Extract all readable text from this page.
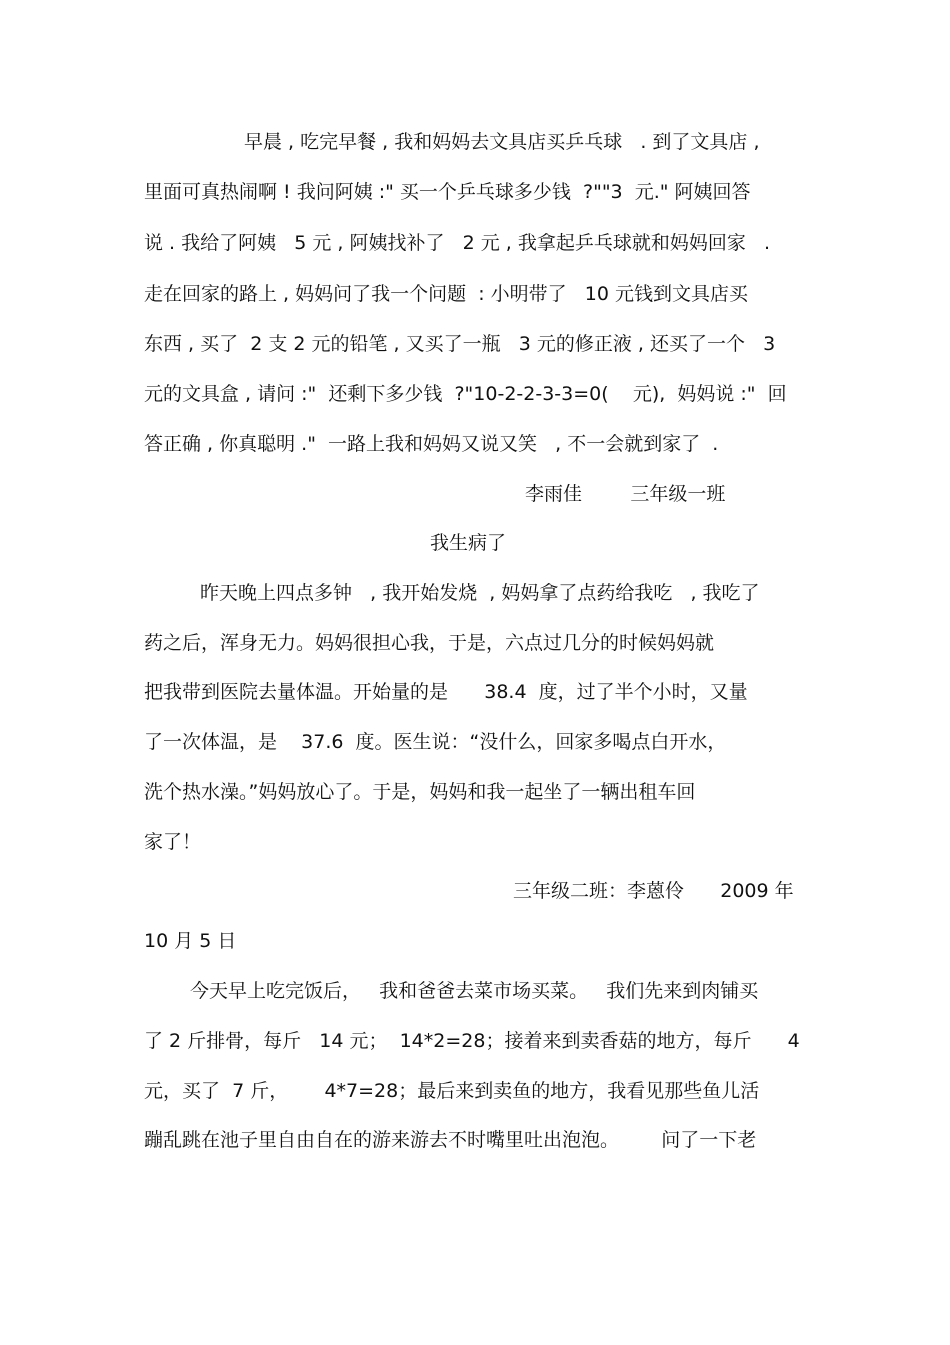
早晨 , 吃完早餐 , 我和妈妈去文具店买乒乓球   . 到了文具店 ,
里面可真热闹啊 ! 我问阿姨 :" 买一个乒乓球多少钱  ?""3  元." 阿姨回答
说 . 我给了阿姨   5 元 , 阿姨找补了   2 元 , 我拿起乒乓球就和妈妈回家   .
走在回家的路上 , 妈妈问了我一个问题  : 小明带了   10 元钱到文具店买
东西 , 买了  2 支 2 元的铅笔 , 又买了一瓶   3 元的修正液 , 还买了一个   3
元的文具盒 , 请问 :"  还剩下多少钱  ?"10-2-2-3-3=0(    元),  妈妈说 :"  回
答正确 , 你真聪明 ."  一路上我和妈妈又说又笑   , 不一会就到家了  .
李雨佳        三年级一班
我生病了
昨天晚上四点多钟   , 我开始发烧  , 妈妈拿了点药给我吃   , 我吃了
药之后，浑身无力。妈妈很担心我，于是，六点过几分的时候妈妈就
把我带到医院去量体温。开始量的是      38.4  度，过了半个小时，又量
了一次体温，是    37.6  度。医生说：“没什么，回家多喝点白开水，
洗个热水澡。”妈妈放心了。于是，妈妈和我一起坐了一辆出租车回
家了！
三年级二班：李蒽伶      2009 年
10 月 5 日
今天早上吃完饭后，   我和爸爸去菜市场买菜。   我们先来到肉铺买
了 2 斤排骨，每斤   14 元；  14*2=28；接着来到卖香菇的地方，每斤      4
元，买了  7 斤，      4*7=28；最后来到卖鱼的地方，我看见那些鱼儿活
蹦乱跳在池子里自由自在的游来游去不时嘴里吐出泡泡。       问了一下老
